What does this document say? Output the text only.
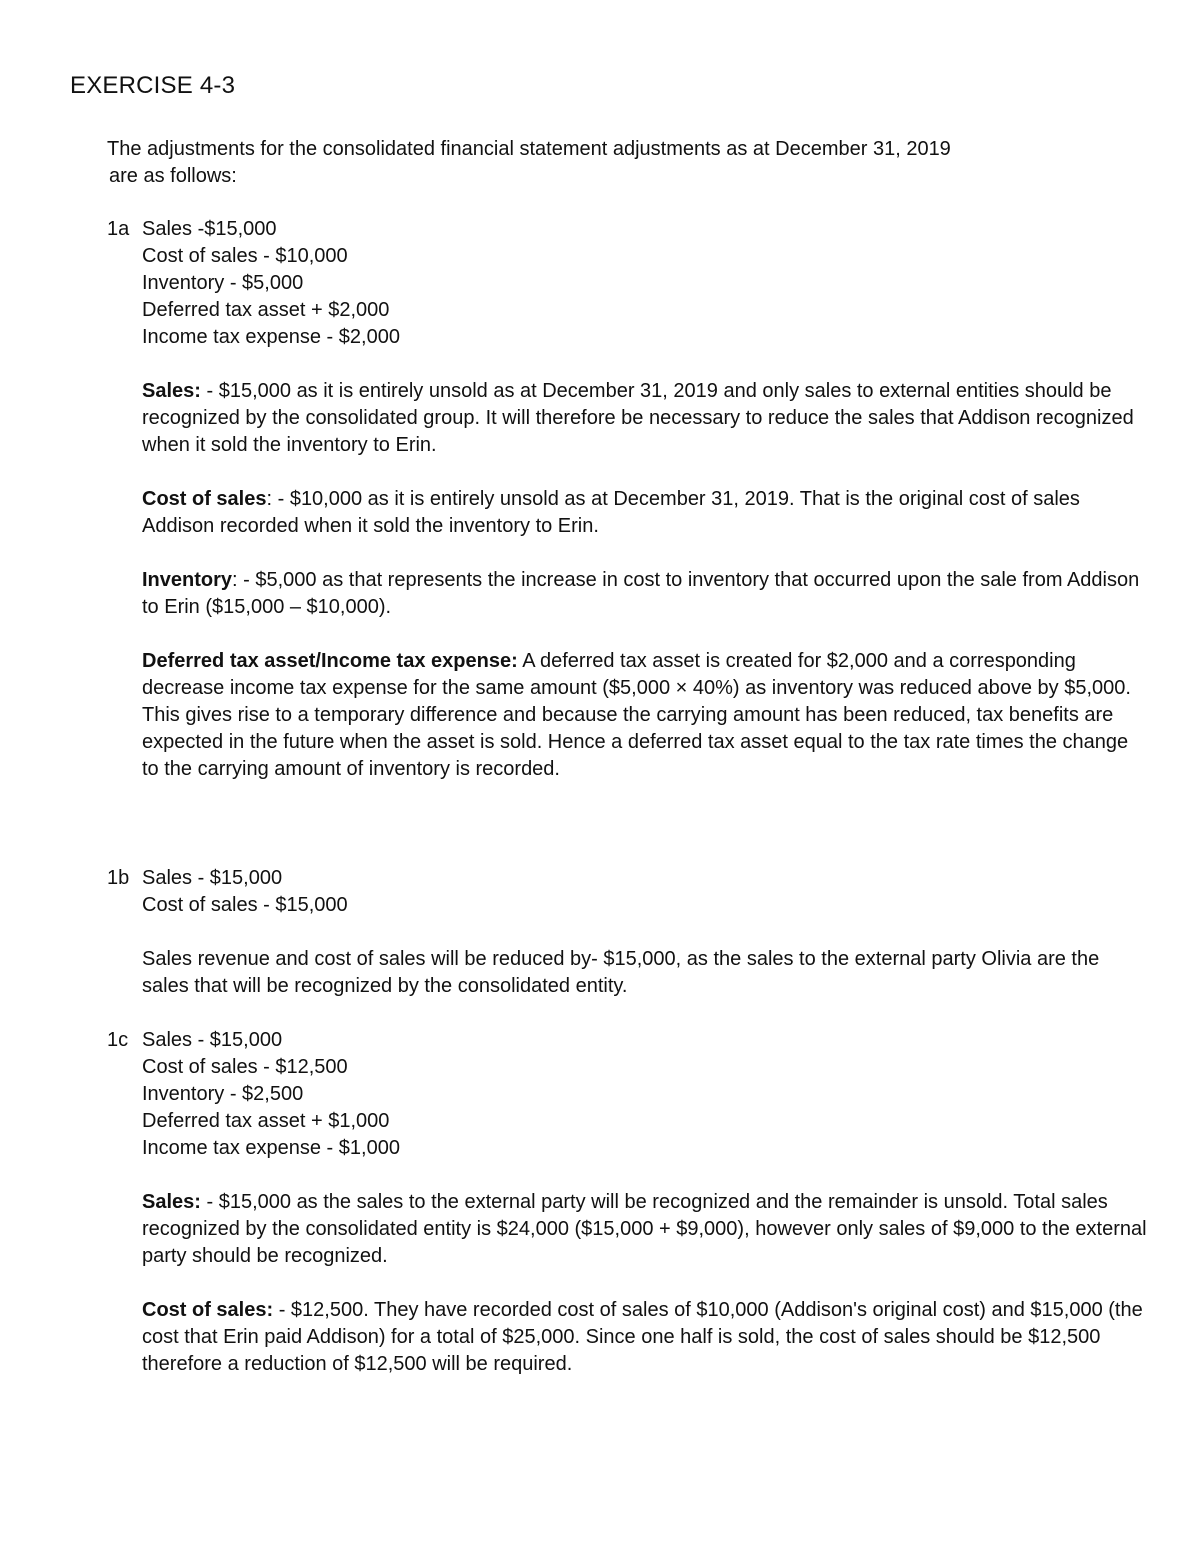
EXERCISE 4-3
The adjustments for the consolidated financial statement adjustments as at December 31, 2019
are as follows:
1a Sales -$15,000
Cost of sales - $10,000
Inventory - $5,000
Deferred tax asset + $2,000
Income tax expense - $2,000
Sales: - $15,000 as it is entirely unsold as at December 31, 2019 and only sales to external entities should be recognized by the consolidated group. It will therefore be necessary to reduce the sales that Addison recognized when it sold the inventory to Erin.
Cost of sales: - $10,000 as it is entirely unsold as at December 31, 2019. That is the original cost of sales Addison recorded when it sold the inventory to Erin.
Inventory: - $5,000 as that represents the increase in cost to inventory that occurred upon the sale from Addison to Erin ($15,000 – $10,000).
Deferred tax asset/Income tax expense: A deferred tax asset is created for $2,000 and a corresponding decrease income tax expense for the same amount ($5,000 × 40%) as inventory was reduced above by $5,000. This gives rise to a temporary difference and because the carrying amount has been reduced, tax benefits are expected in the future when the asset is sold. Hence a deferred tax asset equal to the tax rate times the change to the carrying amount of inventory is recorded.
1b Sales - $15,000
Cost of sales - $15,000
Sales revenue and cost of sales will be reduced by- $15,000, as the sales to the external party Olivia are the sales that will be recognized by the consolidated entity.
1c Sales - $15,000
Cost of sales - $12,500
Inventory - $2,500
Deferred tax asset + $1,000
Income tax expense - $1,000
Sales: - $15,000 as the sales to the external party will be recognized and the remainder is unsold. Total sales recognized by the consolidated entity is $24,000 ($15,000 + $9,000), however only sales of $9,000 to the external party should be recognized.
Cost of sales: - $12,500. They have recorded cost of sales of $10,000 (Addison's original cost) and $15,000 (the cost that Erin paid Addison) for a total of $25,000. Since one half is sold, the cost of sales should be $12,500 therefore a reduction of $12,500 will be required.
